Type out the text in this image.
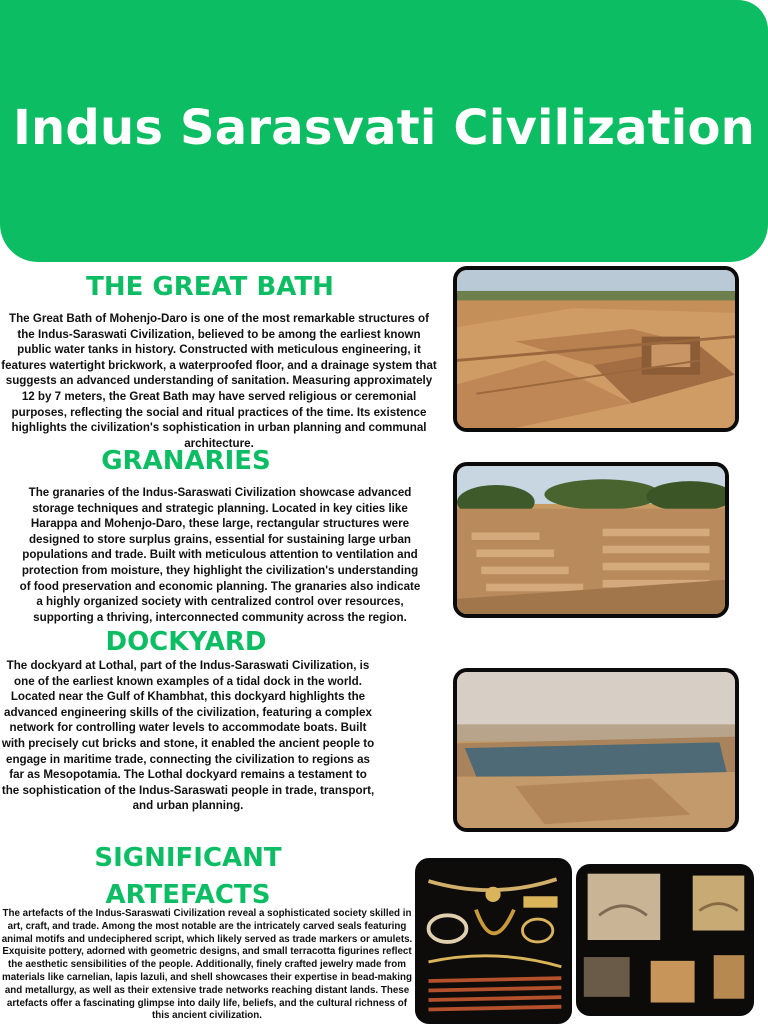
Indus Sarasvati Civilization
THE GREAT BATH
The Great Bath of Mohenjo-Daro is one of the most remarkable structures of the Indus-Saraswati Civilization, believed to be among the earliest known public water tanks in history. Constructed with meticulous engineering, it features watertight brickwork, a waterproofed floor, and a drainage system that suggests an advanced understanding of sanitation. Measuring approximately 12 by 7 meters, the Great Bath may have served religious or ceremonial purposes, reflecting the social and ritual practices of the time. Its existence highlights the civilization's sophistication in urban planning and communal architecture.
GRANARIES
The granaries of the Indus-Saraswati Civilization showcase advanced storage techniques and strategic planning. Located in key cities like Harappa and Mohenjo-Daro, these large, rectangular structures were designed to store surplus grains, essential for sustaining large urban populations and trade. Built with meticulous attention to ventilation and protection from moisture, they highlight the civilization's understanding of food preservation and economic planning. The granaries also indicate a highly organized society with centralized control over resources, supporting a thriving, interconnected community across the region.
DOCKYARD
The dockyard at Lothal, part of the Indus-Saraswati Civilization, is one of the earliest known examples of a tidal dock in the world. Located near the Gulf of Khambhat, this dockyard highlights the advanced engineering skills of the civilization, featuring a complex network for controlling water levels to accommodate boats. Built with precisely cut bricks and stone, it enabled the ancient people to engage in maritime trade, connecting the civilization to regions as far as Mesopotamia. The Lothal dockyard remains a testament to the sophistication of the Indus-Saraswati people in trade, transport, and urban planning.
SIGNIFICANT ARTEFACTS
The artefacts of the Indus-Saraswati Civilization reveal a sophisticated society skilled in art, craft, and trade. Among the most notable are the intricately carved seals featuring animal motifs and undeciphered script, which likely served as trade markers or amulets. Exquisite pottery, adorned with geometric designs, and small terracotta figurines reflect the aesthetic sensibilities of the people. Additionally, finely crafted jewelry made from materials like carnelian, lapis lazuli, and shell showcases their expertise in bead-making and metallurgy, as well as their extensive trade networks reaching distant lands. These artefacts offer a fascinating glimpse into daily life, beliefs, and the cultural richness of this ancient civilization.
